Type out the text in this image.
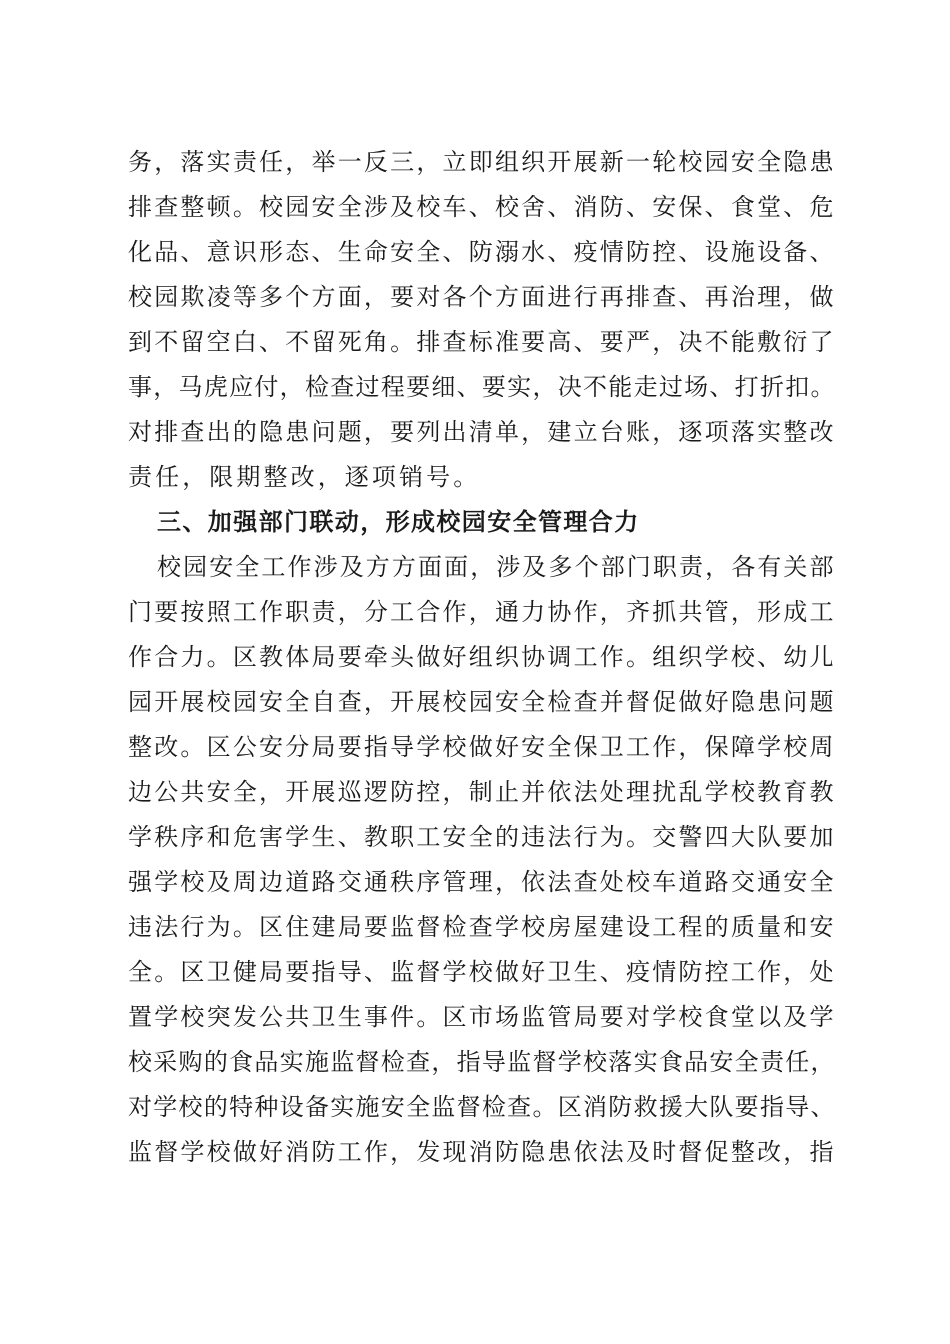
务，落实责任，举一反三，立即组织开展新一轮校园安全隐患
排查整顿。校园安全涉及校车、校舍、消防、安保、食堂、危
化品、意识形态、生命安全、防溺水、疫情防控、设施设备、
校园欺凌等多个方面，要对各个方面进行再排查、再治理，做
到不留空白、不留死角。排查标准要高、要严，决不能敷衍了
事，马虎应付，检查过程要细、要实，决不能走过场、打折扣。
对排查出的隐患问题，要列出清单，建立台账，逐项落实整改
责任，限期整改，逐项销号。
三、加强部门联动，形成校园安全管理合力
校园安全工作涉及方方面面，涉及多个部门职责，各有关部
门要按照工作职责，分工合作，通力协作，齐抓共管，形成工
作合力。区教体局要牵头做好组织协调工作。组织学校、幼儿
园开展校园安全自查，开展校园安全检查并督促做好隐患问题
整改。区公安分局要指导学校做好安全保卫工作，保障学校周
边公共安全，开展巡逻防控，制止并依法处理扰乱学校教育教
学秩序和危害学生、教职工安全的违法行为。交警四大队要加
强学校及周边道路交通秩序管理，依法查处校车道路交通安全
违法行为。区住建局要监督检查学校房屋建设工程的质量和安
全。区卫健局要指导、监督学校做好卫生、疫情防控工作，处
置学校突发公共卫生事件。区市场监管局要对学校食堂以及学
校采购的食品实施监督检查，指导监督学校落实食品安全责任，
对学校的特种设备实施安全监督检查。区消防救援大队要指导、
监督学校做好消防工作，发现消防隐患依法及时督促整改，指
